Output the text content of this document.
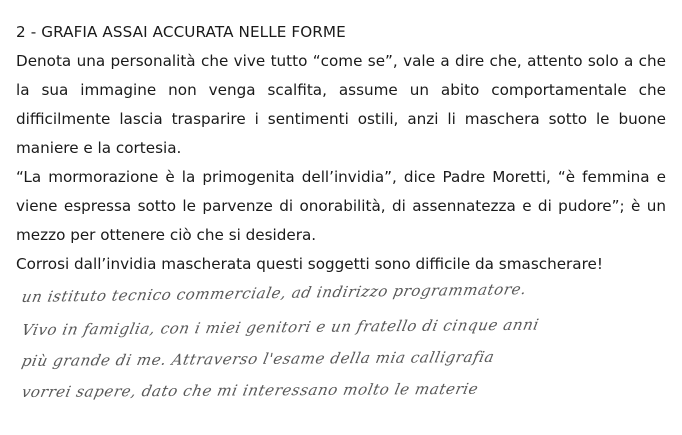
2 - GRAFIA ASSAI ACCURATA NELLE FORME
Denota una personalità che vive tutto “come se”, vale a dire che, attento solo a che la sua immagine non venga scalfita, assume un abito comportamentale che difficilmente lascia trasparire i sentimenti ostili, anzi li maschera sotto le buone maniere e la cortesia.
“La mormorazione è la primogenita dell’invidia”, dice Padre Moretti, “è femmina e viene espressa sotto le parvenze di onorabilità, di assennatezza e di pudore”; è un mezzo per ottenere ciò che si desidera.
Corrosi dall’invidia mascherata questi soggetti sono difficile da smascherare!
un istituto tecnico commerciale, ad indirizzo programmatore.
Vivo in famiglia, con i miei genitori e un fratello di cinque anni
più grande di me. Attraverso l'esame della mia calligrafia
vorrei sapere, dato che mi interessano molto le materie
